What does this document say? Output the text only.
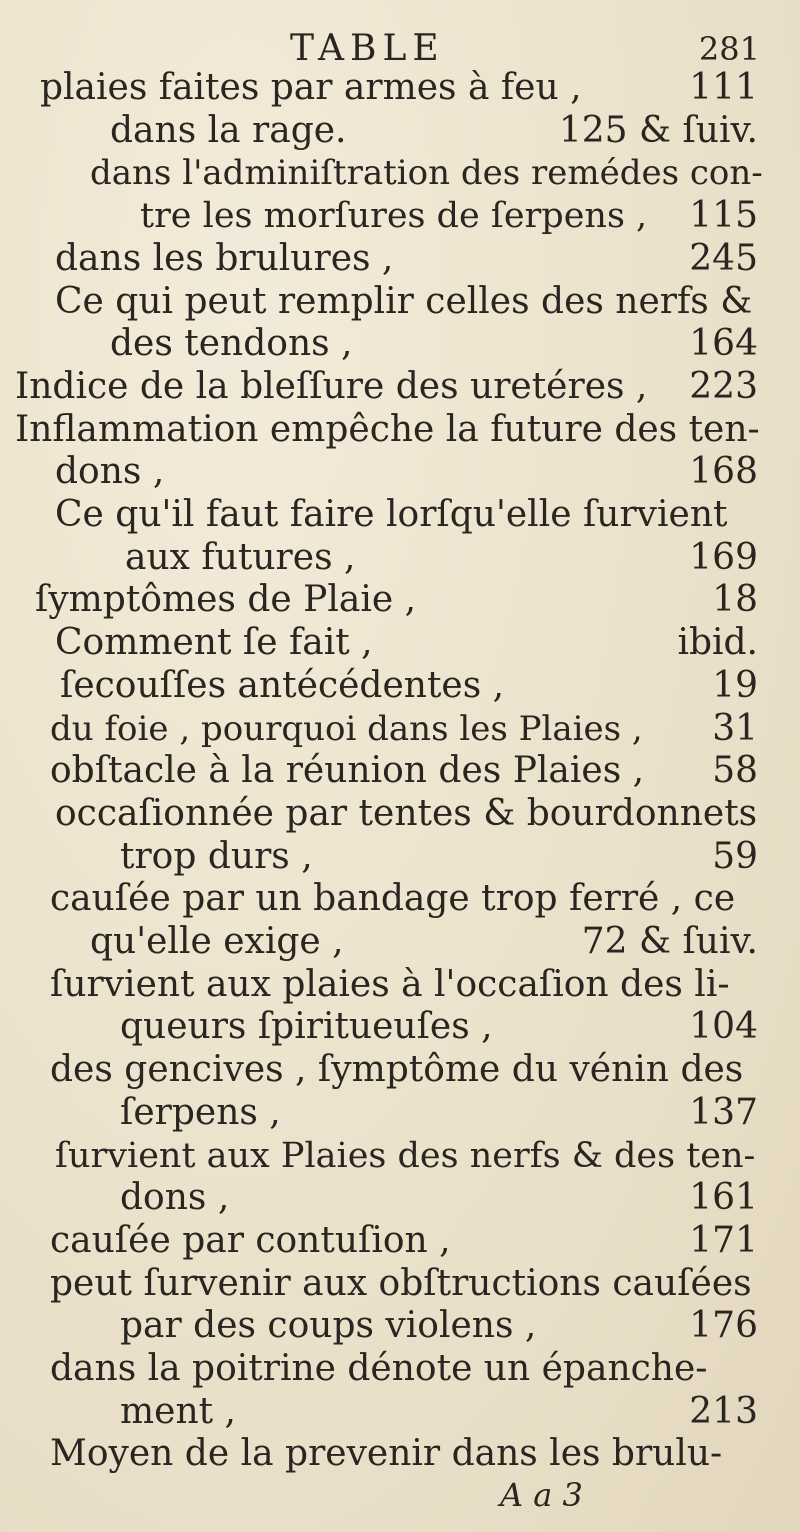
TABLE	281
plaies faites par armes à feu ,	111
dans la rage.	125 & ſuiv.
dans l'adminiſtration des remédes con-
tre les morſures de ſerpens , 115
dans les brulures ,	245
Ce qui peut remplir celles des nerfs &
des tendons ,	164
Indice de la bleſſure des uretéres , 223
Inflammation empêche la future des ten-
dons ,	168
Ce qu'il faut faire lorſqu'elle ſurvient
aux futures ,	169
ſymptômes de Plaie ,	18
Comment ſe fait ,	ibid.
ſecouſſes antécédentes ,	19
du foie , pourquoi dans les Plaies , 31
obſtacle à la réunion des Plaies , 58
occaſionnée par tentes & bourdonnets
trop durs ,	59
cauſée par un bandage trop ferré , ce
qu'elle exige ,	72 & ſuiv.
ſurvient aux plaies à l'occaſion des li-
queurs ſpiritueuſes ,	104
des gencives , ſymptôme du vénin des
ſerpens ,	137
ſurvient aux Plaies des nerfs & des ten-
dons ,	161
cauſée par contuſion ,	171
peut ſurvenir aux obſtructions cauſées
par des coups violens ,	176
dans la poitrine dénote un épanche-
ment ,	213
Moyen de la prevenir dans les brulu-
A a 3
